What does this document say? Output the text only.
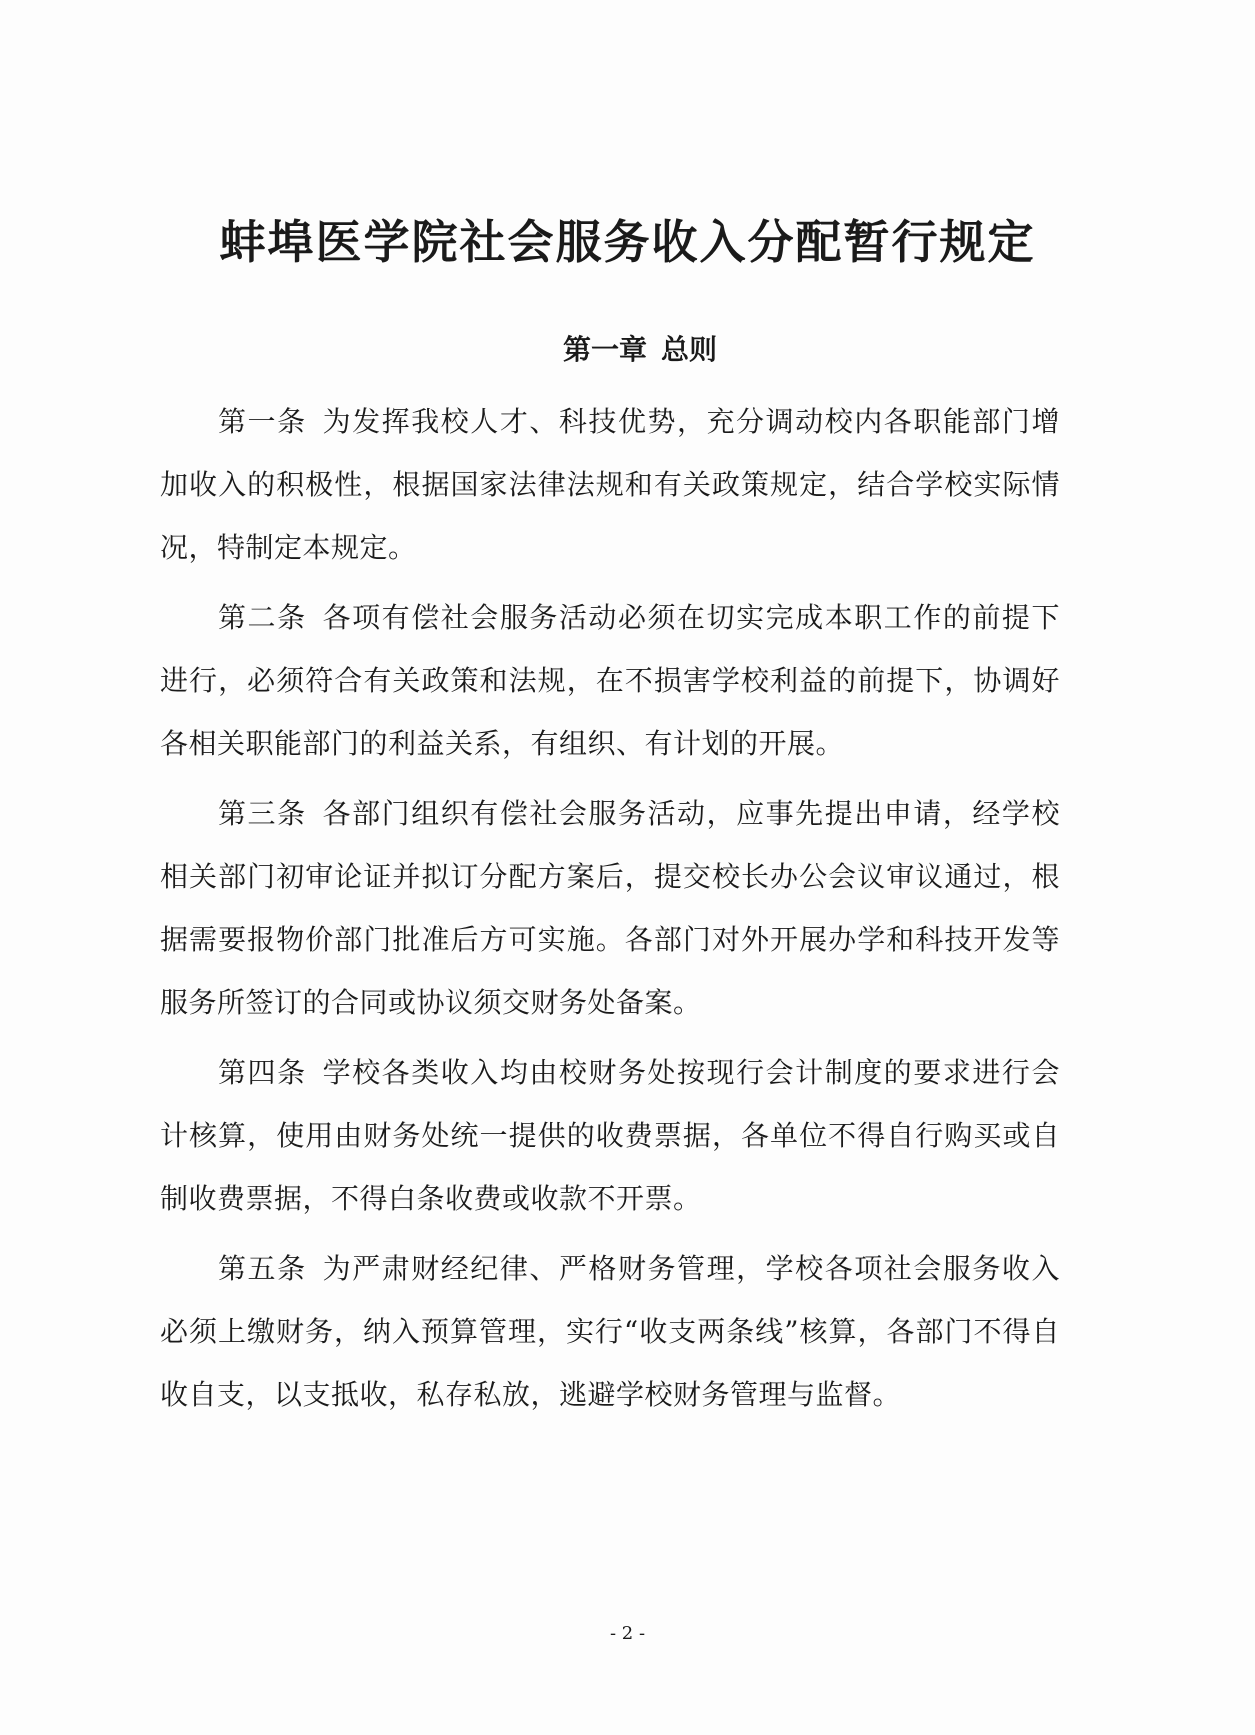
蚌埠医学院社会服务收入分配暂行规定
第一章 总则

第一条 为发挥我校人才、科技优势，充分调动校内各职能部门增加收入的积极性，根据国家法律法规和有关政策规定，结合学校实际情况，特制定本规定。

第二条 各项有偿社会服务活动必须在切实完成本职工作的前提下进行，必须符合有关政策和法规，在不损害学校利益的前提下，协调好各相关职能部门的利益关系，有组织、有计划的开展。

第三条 各部门组织有偿社会服务活动，应事先提出申请，经学校相关部门初审论证并拟订分配方案后，提交校长办公会议审议通过，根据需要报物价部门批准后方可实施。各部门对外开展办学和科技开发等服务所签订的合同或协议须交财务处备案。

第四条 学校各类收入均由校财务处按现行会计制度的要求进行会计核算，使用由财务处统一提供的收费票据，各单位不得自行购买或自制收费票据，不得白条收费或收款不开票。

第五条 为严肃财经纪律、严格财务管理，学校各项社会服务收入必须上缴财务，纳入预算管理，实行“收支两条线”核算，各部门不得自收自支，以支抵收，私存私放，逃避学校财务管理与监督。

- 2 -
